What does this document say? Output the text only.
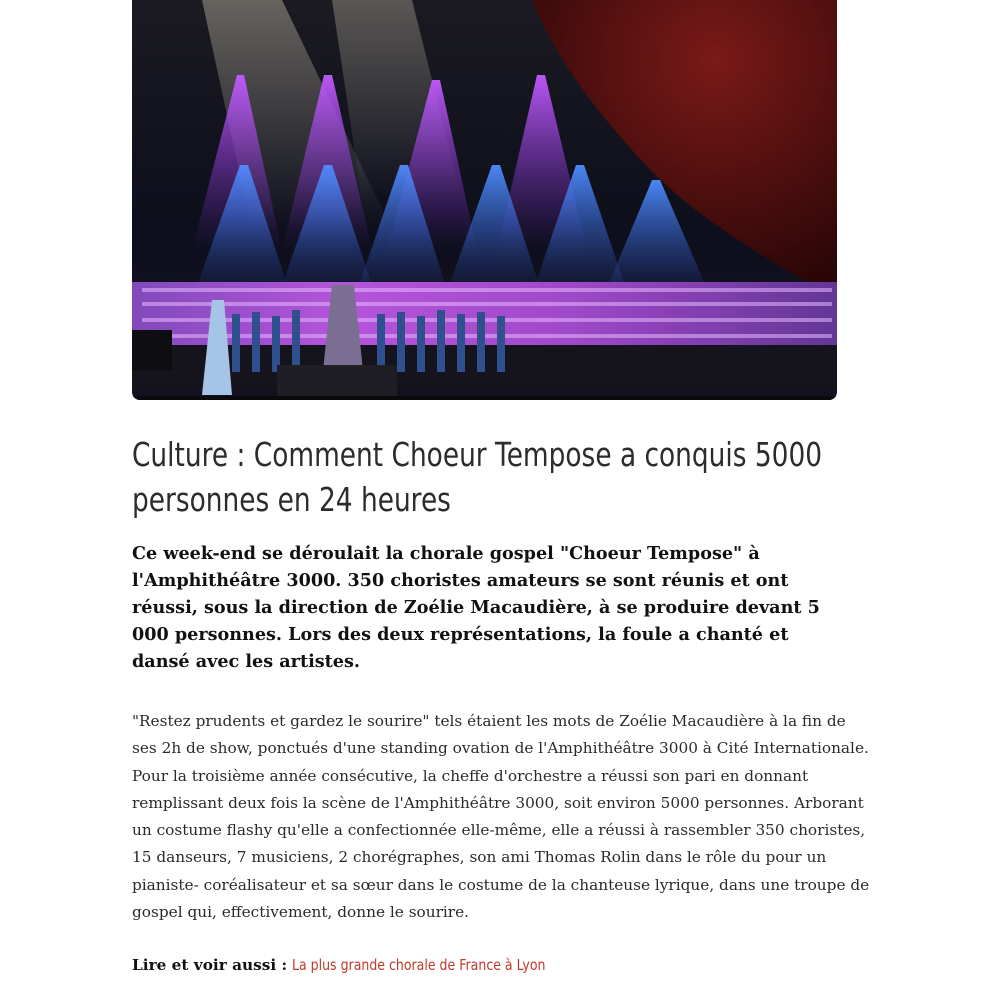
Culture : Comment Choeur Tempose a conquis 5000 personnes en 24 heures

Ce week-end se déroulait la chorale gospel "Choeur Tempose" à l'Amphithéâtre 3000. 350 choristes amateurs se sont réunis et ont réussi, sous la direction de Zoélie Macaudière, à se produire devant 5 000 personnes. Lors des deux représentations, la foule a chanté et dansé avec les artistes.

"Restez prudents et gardez le sourire" tels étaient les mots de Zoélie Macaudière à la fin de ses 2h de show, ponctués d'une standing ovation de l'Amphithéâtre 3000 à Cité Internationale. Pour la troisième année consécutive, la cheffe d'orchestre a réussi son pari en donnant remplissant deux fois la scène de l'Amphithéâtre 3000, soit environ 5000 personnes. Arborant un costume flashy qu'elle a confectionnée elle-même, elle a réussi à rassembler 350 choristes, 15 danseurs, 7 musiciens, 2 chorégraphes, son ami Thomas Rolin dans le rôle du pour un pianiste- coréalisateur et sa sœur dans le costume de la chanteuse lyrique, dans une troupe de gospel qui, effectivement, donne le sourire.

Lire et voir aussi : La plus grande chorale de France à Lyon
